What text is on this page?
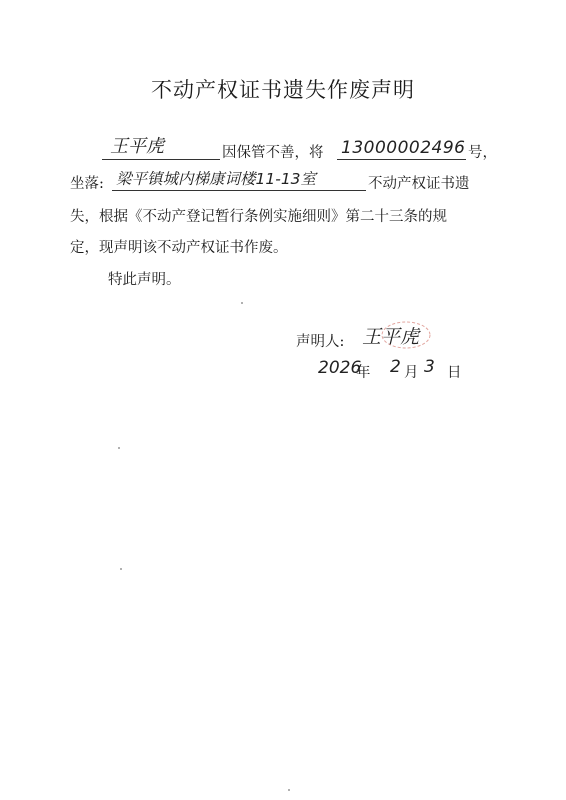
不动产权证书遗失作废声明
王平虎	因保管不善，将 13000002496 号，
坐落: 梁平镇城内梯康词楼11-13室	不动产权证书遗
失，根据《不动产登记暂行条例实施细则》第二十三条的规
定，现声明该不动产权证书作废。
特此声明。
声明人: 王平虎
2026
年 2 月 3 日
